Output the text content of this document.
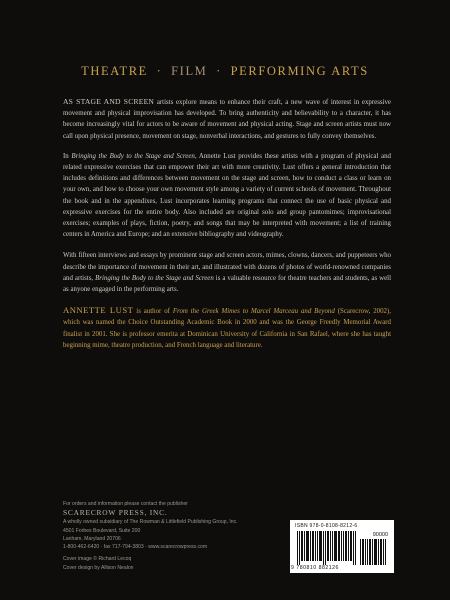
THEATRE · FILM · PERFORMING ARTS

AS STAGE AND SCREEN artists explore means to enhance their craft, a new wave of interest in expressive movement and physical improvisation has developed. To bring authenticity and believability to a character, it has become increasingly vital for actors to be aware of movement and physical acting. Stage and screen artists must now call upon physical presence, movement on stage, nonverbal interactions, and gestures to fully convey themselves.

In Bringing the Body to the Stage and Screen, Annette Lust provides these artists with a program of physical and related expressive exercises that can empower their art with more creativity. Lust offers a general introduction that includes definitions and differences between movement on the stage and screen, how to conduct a class or learn on your own, and how to choose your own movement style among a variety of current schools of movement. Throughout the book and in the appendixes, Lust incorporates learning programs that connect the use of basic physical and expressive exercises for the entire body. Also included are original solo and group pantomimes; improvisational exercises; examples of plays, fiction, poetry, and songs that may be interpreted with movement; a list of training centers in America and Europe; and an extensive bibliography and videography.

With fifteen interviews and essays by prominent stage and screen actors, mimes, clowns, dancers, and puppeteers who describe the importance of movement in their art, and illustrated with dozens of photos of world-renowned companies and artists, Bringing the Body to the Stage and Screen is a valuable resource for theatre teachers and students, as well as anyone engaged in the performing arts.

ANNETTE LUST is author of From the Greek Mimes to Marcel Marceau and Beyond (Scarecrow, 2002), which was named the Choice Outstanding Academic Book in 2000 and was the George Freedly Memorial Award finalist in 2001. She is professor emerita at Dominican University of California in San Rafael, where she has taught beginning mime, theatre production, and French language and literature.

For orders and information please contact the publisher
SCARECROW PRESS, INC.
A wholly owned subsidiary of The Rowman & Littlefield Publishing Group, Inc.
4501 Forbes Boulevard, Suite 200
Lanham, Maryland 20706
1-800-462-6420 · fax 717-794-3803 · www.scarecrowpress.com
Cover image © Richard Lecoq
Cover design by Allison Nealon
ISBN 978-0-8108-8212-6
90000
9 780810 882126
